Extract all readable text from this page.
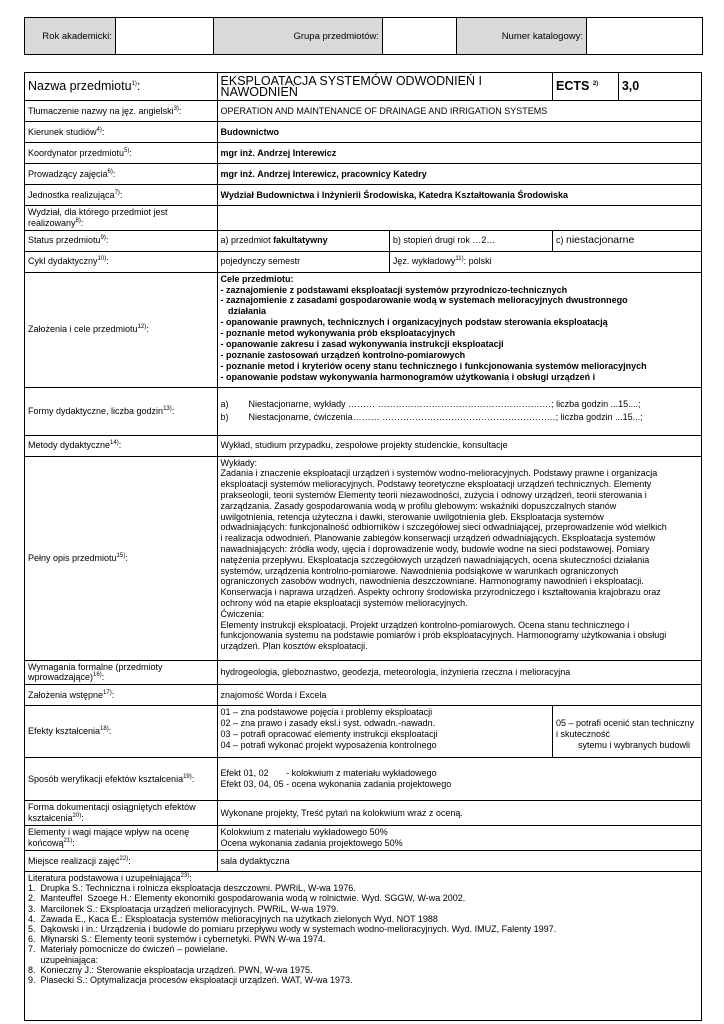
Rok akademicki:		Grupa przedmiotów:		Numer katalogowy:	
Nazwa przedmiotu$^{1)}$:	EKSPLOATACJA SYSTEMÓW ODWODNIEŃ I NAWODNIEŃ	ECTS $^{2)}$	3,0
Tłumaczenie nazwy na jęz. angielski$^{3)}$:	OPERATION AND MAINTENANCE OF DRAINAGE AND IRRIGATION SYSTEMS
Kierunek studiów$^{4)}$:	Budownictwo
Koordynator przedmiotu$^{5)}$:	mgr inż. Andrzej Interewicz
Prowadzący zajęcia$^{6)}$:	mgr inż. Andrzej Interewicz, pracownicy Katedry
Jednostka realizująca$^{7)}$:	Wydział Budownictwa i Inżynierii Środowiska, Katedra Kształtowania Środowiska
Wydział, dla którego przedmiot jest realizowany$^{8)}$:	
Status przedmiotu$^{9)}$:	a) przedmiot fakultatywny	b) stopień drugi rok …2…	c) niestacjonarne
Cykl dydaktyczny$^{10)}$:	pojedynczy semestr	Jęz. wykładowy$^{11)}$: polski
Założenia i cele przedmiotu$^{12)}$:	
Cele przedmiotu:
- zaznajomienie z podstawami eksploatacji systemów przyrodniczo-technicznych
- zaznajomienie z zasadami gospodarowanie wodą w systemach melioracyjnych dwustronnego
działania
- opanowanie prawnych, technicznych i organizacyjnych podstaw sterowania eksploatacją
- poznanie metod wykonywania prób eksploatacyjnych
- opanowanie zakresu i zasad wykonywania instrukcji eksploatacji
- poznanie zastosowań urządzeń kontrolno-pomiarowych
- poznanie metod i kryteriów oceny stanu technicznego i funkcjonowania systemów melioracyjnych
- opanowanie podstaw wykonywania harmonogramów użytkowania i obsługi urządzeń i

Formy dydaktyczne, liczba godzin$^{13)}$:	
a)	Niestacjonarne, wykłady ……… ……………………………………………….…; liczba godzin ...15....;
b)	Niestacjonarne, ćwiczenia……… ……………………………………………….…; liczba godzin ...15...;

Metody dydaktyczne$^{14)}$:	Wykład, studium przypadku, zespołowe projekty studenckie, konsultacje
Pełny opis przedmiotu$^{15)}$:	
Wykłady:
Zadania i znaczenie eksploatacji urządzeń i systemów wodno-melioracyjnych. Podstawy prawne i organizacja
eksploatacji systemów melioracyjnych. Podstawy teoretyczne eksploatacji urządzeń technicznych. Elementy
prakseologii, teorii systemów Elementy teorii niezawodności, zużycia i odnowy urządzeń, teorii sterowania i
zarządzania. Zasady gospodarowania wodą w profilu glebowym: wskaźniki dopuszczalnych stanów
uwilgotnienia, retencja użyteczna i dawki, sterowanie uwilgotnienia gleb. Eksploatacja systemów
odwadniających: funkcjonalność odbiorników i szczegółowej sieci odwadniającej, przeprowadzenie wód wielkich
i realizacja odwodnień. Planowanie zabiegów konserwacji urządzeń odwadniających. Eksploatacja systemów
nawadniających: źródła wody, ujęcia i doprowadzenie wody, budowle wodne na sieci podstawowej. Pomiary
natężenia przepływu. Eksploatacja szczegółowych urządzeń nawadniających, ocena skuteczności działania
systemów, urządzenia kontrolno-pomiarowe. Nawodnienia podsiąkowe w warunkach ograniczonych
ograniczonych zasobów wodnych, nawodnienia deszczowniane. Harmonogramy nawodnień i eksploatacji.
Konserwacja i naprawa urządzeń. Aspekty ochrony środowiska przyrodniczego i kształtowania krajobrazu oraz
ochrony wód na etapie eksploatacji systemów melioracyjnych.
Ćwiczenia:
Elementy instrukcji eksploatacji. Projekt urządzeń kontrolno-pomiarowych. Ocena stanu technicznego i
funkcjonowania systemu na podstawie pomiarów i prób eksploatacyjnych. Harmonogramy użytkowania i obsługi
urządzeń. Plan kosztów eksploatacji.

Wymagania formalne (przedmioty wprowadzające)$^{16)}$:	hydrogeologia, gleboznastwo, geodezja, meteorologia, inżynieria rzeczna i melioracyjna
Założenia wstępne$^{17)}$:	znajomość Worda i Excela
Efekty kształcenia$^{18)}$:	
01 – zna podstawowe pojęcia i problemy eksploatacji
02 – zna prawo i zasady eksl.i syst. odwadn.-nawadn.
03 – potrafi opracować elementy instrukcji eksploatacji
04 – potrafi wykonać projekt wyposażenia kontrolnego

05 – potrafi ocenić stan techniczny i skuteczność
sytemu i wybranych budowli

Sposób weryfikacji efektów kształcenia$^{19)}$:	
Efekt 01, 02       - kolokwium z materiału wykładowego
Efekt 03, 04, 05 - ocena wykonania zadania projektowego

Forma dokumentacji osiągniętych efektów kształcenia$^{20)}$:	Wykonane projekty, Treść pytań na kolokwium wraz z oceną.
Elementy i wagi mające wpływ na ocenę końcową$^{21)}$:	
Kolokwium z materiału wykładowego 50%
Ocena wykonania zadania projektowego 50%

Miejsce realizacji zajęć$^{22)}$:	sala dydaktyczna

Literatura podstawowa i uzupełniająca$^{23)}$:
1.  Drupka S.: Techniczna i rolnicza eksploatacja deszczowni. PWRiL, W-wa 1976.
2.  Manteuffel  Szoege H.: Elementy ekonomiki gospodarowania wodą w rolnictwie. Wyd. SGGW, W-wa 2002.
3.  Marcilonek S.: Eksploatacja urządzeń melioracyjnych. PWRiL, W-wa 1979.
4.  Zawada E., Kaca E.: Eksploatacja systemów melioracyjnych na użytkach zielonych Wyd. NOT 1988
5.  Dąkowski i in.: Urządzenia i budowle do pomiaru przepływu wody w systemach wodno-melioracyjnych. Wyd. IMUZ, Falenty 1997.
6.  Młynarski S.: Elementy teorii systemów i cybernetyki. PWN W-wa 1974.
7.  Materiały pomocnicze do ćwiczeń – powielane.
uzupełniająca:
8.  Konieczny J.: Sterowanie eksploatacja urządzeń. PWN, W-wa 1975.
9.  Piasecki S.: Optymalizacja procesów eksploatacji urządzeń. WAT, W-wa 1973.
